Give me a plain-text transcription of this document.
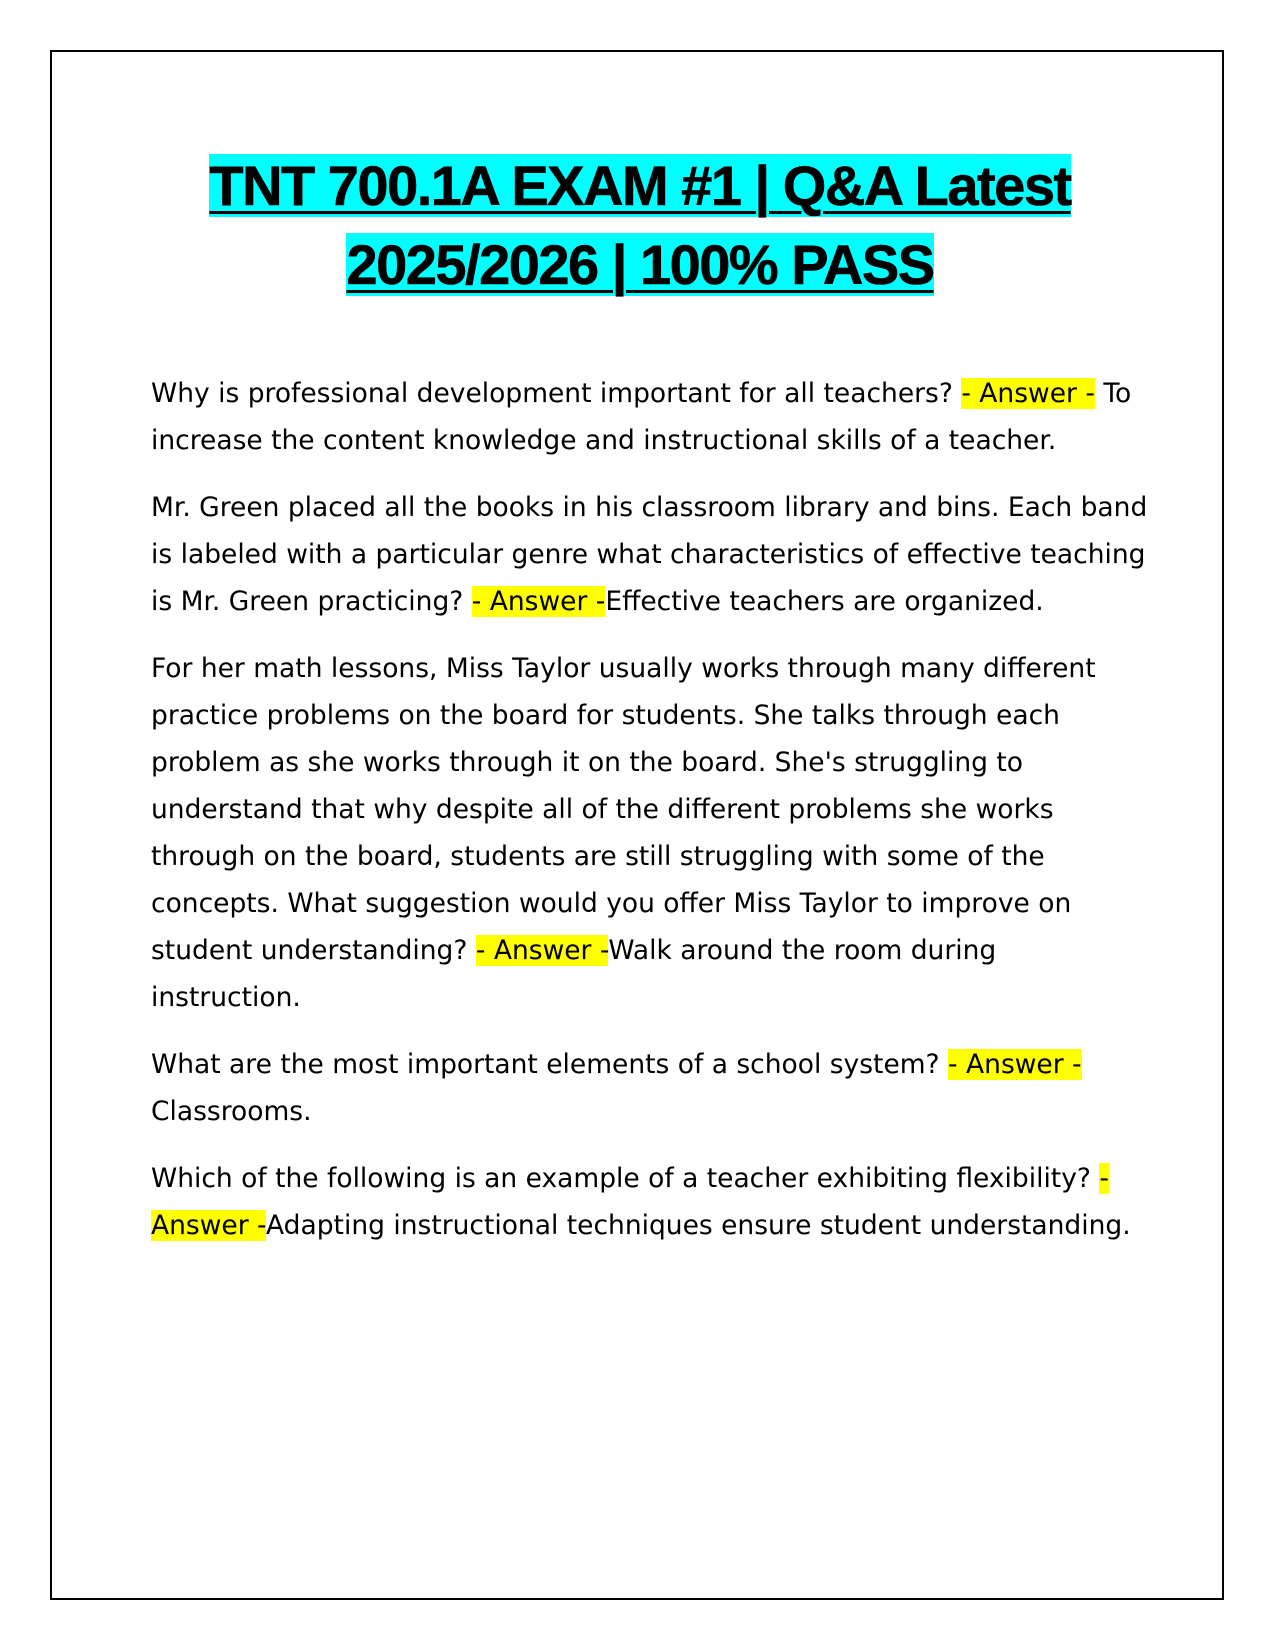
TNT 700.1A EXAM #1 | Q&A Latest
2025/2026 | 100% PASS

Why is professional development important for all teachers? - Answer - To increase the content knowledge and instructional skills of a teacher.

Mr. Green placed all the books in his classroom library and bins. Each band is labeled with a particular genre what characteristics of effective teaching is Mr. Green practicing? - Answer -Effective teachers are organized.

For her math lessons, Miss Taylor usually works through many different practice problems on the board for students. She talks through each problem as she works through it on the board. She's struggling to understand that why despite all of the different problems she works through on the board, students are still struggling with some of the concepts. What suggestion would you offer Miss Taylor to improve on student understanding? - Answer -Walk around the room during instruction.

What are the most important elements of a school system? - Answer - Classrooms.

Which of the following is an example of a teacher exhibiting flexibility? - Answer -Adapting instructional techniques ensure student understanding.
